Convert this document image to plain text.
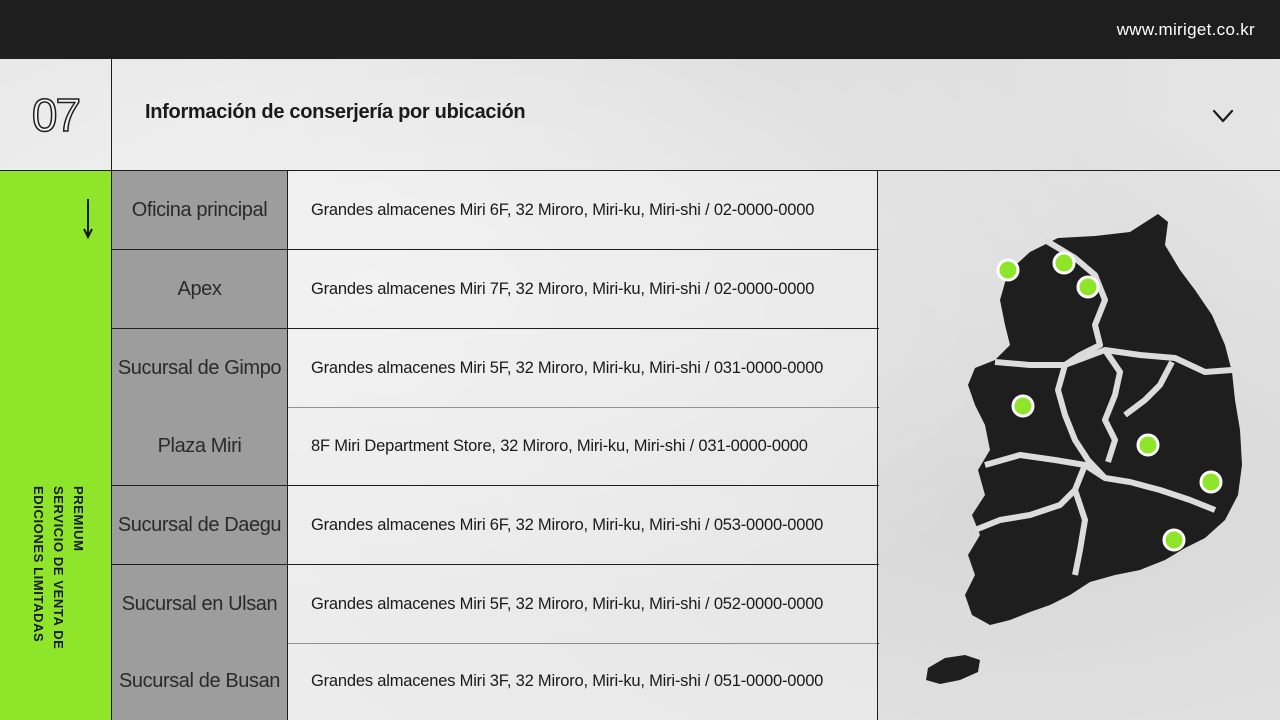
www.miriget.co.kr
07	Información de conserjería por ubicación
PREMIUM
SERVICIO DE VENTA DE
EDICIONES LIMITADAS
Oficina principal	Grandes almacenes Miri 6F, 32 Miroro, Miri-ku, Miri-shi / 02-0000-0000
Apex	Grandes almacenes Miri 7F, 32 Miroro, Miri-ku, Miri-shi / 02-0000-0000
Sucursal de Gimpo	Grandes almacenes Miri 5F, 32 Miroro, Miri-ku, Miri-shi / 031-0000-0000
Plaza Miri	8F Miri Department Store, 32 Miroro, Miri-ku, Miri-shi / 031-0000-0000
Sucursal de Daegu	Grandes almacenes Miri 6F, 32 Miroro, Miri-ku, Miri-shi / 053-0000-0000
Sucursal en Ulsan	Grandes almacenes Miri 5F, 32 Miroro, Miri-ku, Miri-shi / 052-0000-0000
Sucursal de Busan	Grandes almacenes Miri 3F, 32 Miroro, Miri-ku, Miri-shi / 051-0000-0000
